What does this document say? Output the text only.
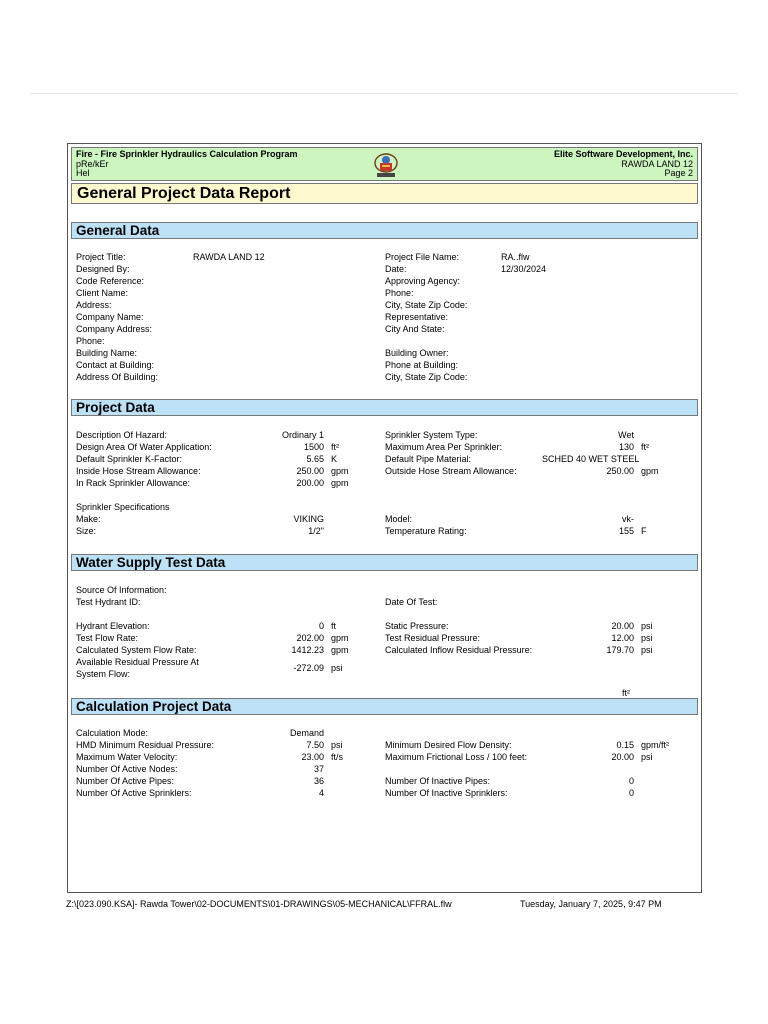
Fire - Fire Sprinkler Hydraulics Calculation Program
pRe/kEr
Hel
Elite Software Development, Inc.
RAWDA LAND 12
Page 2
General Project Data Report
General Data
Project Title:	RAWDA LAND 12
Designed By:
Code Reference:
Client Name:
Address:
Company Name:
Company Address:
Phone:
Building Name:
Contact at Building:
Address Of Building:
Project File Name:	RA..flw
Date:	12/30/2024
Approving Agency:
Phone:
City, State Zip Code:
Representative:
City And State:
Building Owner:
Phone at Building:
City, State Zip Code:
Project Data
Description Of Hazard:	Ordinary 1
Design Area Of Water Application:	1500 ft²
Default Sprinkler K-Factor:	5.65 K
Inside Hose Stream Allowance:	250.00 gpm
In Rack Sprinkler Allowance:	200.00 gpm
Sprinkler System Type:	Wet
Maximum Area Per Sprinkler:	130 ft²
Default Pipe Material:	SCHED 40 WET STEEL
Outside Hose Stream Allowance:	250.00 gpm
Sprinkler Specifications
Make:	VIKING
Size:	1/2"
Model:	vk-
Temperature Rating:	155 F
Water Supply Test Data
Source Of Information:
Test Hydrant ID:	Date Of Test:
Hydrant Elevation:	0 ft
Test Flow Rate:	202.00 gpm
Calculated System Flow Rate:	1412.23 gpm
Available Residual Pressure At
System Flow:
-272.09 psi
Static Pressure:	20.00 psi
Test Residual Pressure:	12.00 psi
Calculated Inflow Residual Pressure:	179.70 psi
ft²
Calculation Project Data
Calculation Mode:	Demand
HMD Minimum Residual Pressure:	7.50 psi
Maximum Water Velocity:	23.00 ft/s
Number Of Active Nodes:	37
Number Of Active Pipes:	36
Number Of Active Sprinklers:	4
Minimum Desired Flow Density:	0.15 gpm/ft²
Maximum Frictional Loss / 100 feet:	20.00 psi
Number Of Inactive Pipes:	0
Number Of Inactive Sprinklers:	0
Z:\[023.090.KSA]- Rawda Tower\02-DOCUMENTS\01-DRAWINGS\05-MECHANICAL\FFRAL.flw	Tuesday, January 7, 2025, 9:47 PM
